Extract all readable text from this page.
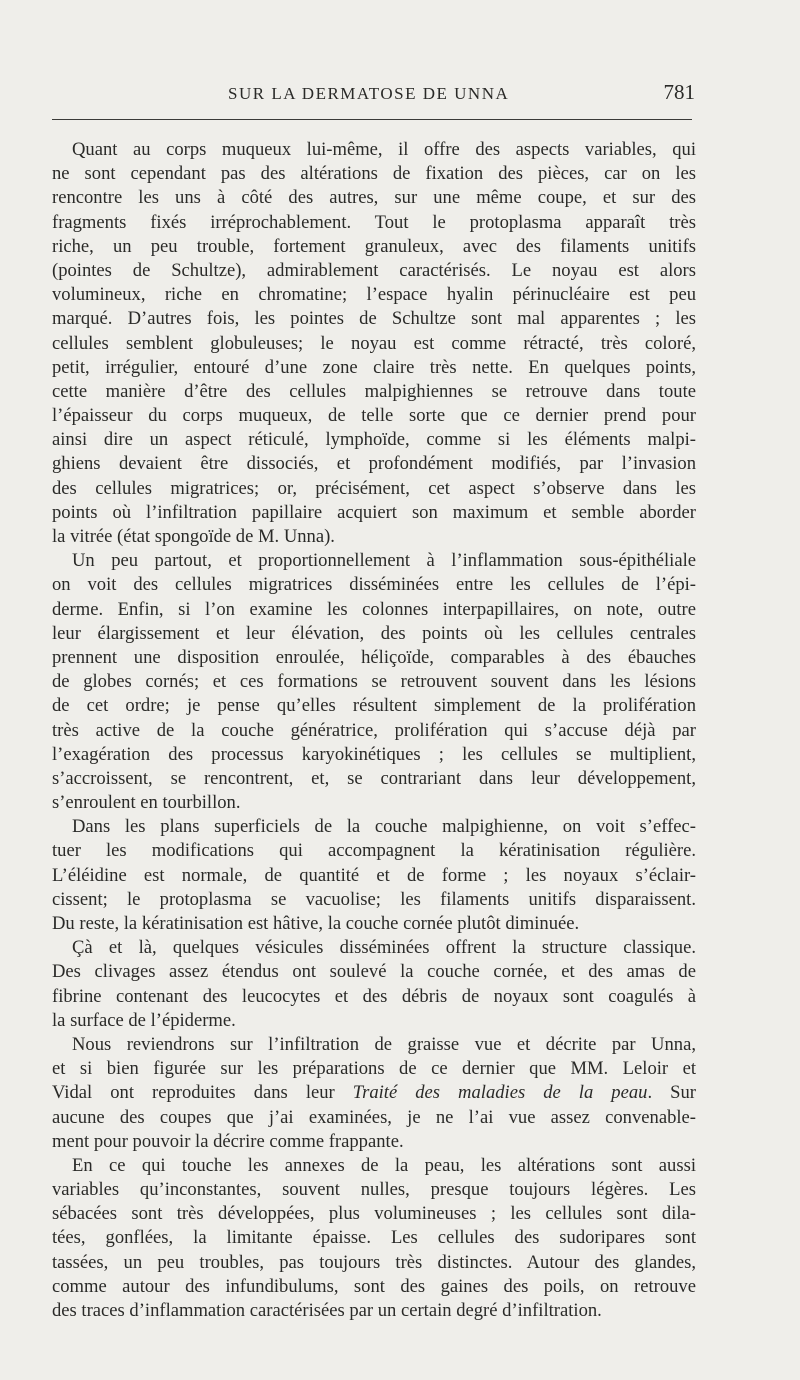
SUR LA DERMATOSE DE UNNA	781
Quant au corps muqueux lui-même, il offre des aspects variables, qui
ne sont cependant pas des altérations de fixation des pièces, car on les
rencontre les uns à côté des autres, sur une même coupe, et sur des
fragments fixés irréprochablement. Tout le protoplasma apparaît très
riche, un peu trouble, fortement granuleux, avec des filaments unitifs
(pointes de Schultze), admirablement caractérisés. Le noyau est alors
volumineux, riche en chromatine; l’espace hyalin périnucléaire est peu
marqué. D’autres fois, les pointes de Schultze sont mal apparentes ; les
cellules semblent globuleuses; le noyau est comme rétracté, très coloré,
petit, irrégulier, entouré d’une zone claire très nette. En quelques points,
cette manière d’être des cellules malpighiennes se retrouve dans toute
l’épaisseur du corps muqueux, de telle sorte que ce dernier prend pour
ainsi dire un aspect réticulé, lymphoïde, comme si les éléments malpi-
ghiens devaient être dissociés, et profondément modifiés, par l’invasion
des cellules migratrices; or, précisément, cet aspect s’observe dans les
points où l’infiltration papillaire acquiert son maximum et semble aborder
la vitrée (état spongoïde de M. Unna).
Un peu partout, et proportionnellement à l’inflammation sous-épithéliale
on voit des cellules migratrices disséminées entre les cellules de l’épi-
derme. Enfin, si l’on examine les colonnes interpapillaires, on note, outre
leur élargissement et leur élévation, des points où les cellules centrales
prennent une disposition enroulée, héliçoïde, comparables à des ébauches
de globes cornés; et ces formations se retrouvent souvent dans les lésions
de cet ordre; je pense qu’elles résultent simplement de la prolifération
très active de la couche génératrice, prolifération qui s’accuse déjà par
l’exagération des processus karyokinétiques ; les cellules se multiplient,
s’accroissent, se rencontrent, et, se contrariant dans leur développement,
s’enroulent en tourbillon.
Dans les plans superficiels de la couche malpighienne, on voit s’effec-
tuer les modifications qui accompagnent la kératinisation régulière.
L’éléidine est normale, de quantité et de forme ; les noyaux s’éclair-
cissent; le protoplasma se vacuolise; les filaments unitifs disparaissent.
Du reste, la kératinisation est hâtive, la couche cornée plutôt diminuée.
Çà et là, quelques vésicules disséminées offrent la structure classique.
Des clivages assez étendus ont soulevé la couche cornée, et des amas de
fibrine contenant des leucocytes et des débris de noyaux sont coagulés à
la surface de l’épiderme.
Nous reviendrons sur l’infiltration de graisse vue et décrite par Unna,
et si bien figurée sur les préparations de ce dernier que MM. Leloir et
Vidal ont reproduites dans leur Traité des maladies de la peau. Sur
aucune des coupes que j’ai examinées, je ne l’ai vue assez convenable-
ment pour pouvoir la décrire comme frappante.
En ce qui touche les annexes de la peau, les altérations sont aussi
variables qu’inconstantes, souvent nulles, presque toujours légères. Les
sébacées sont très développées, plus volumineuses ; les cellules sont dila-
tées, gonflées, la limitante épaisse. Les cellules des sudoripares sont
tassées, un peu troubles, pas toujours très distinctes. Autour des glandes,
comme autour des infundibulums, sont des gaines des poils, on retrouve
des traces d’inflammation caractérisées par un certain degré d’infiltration.
